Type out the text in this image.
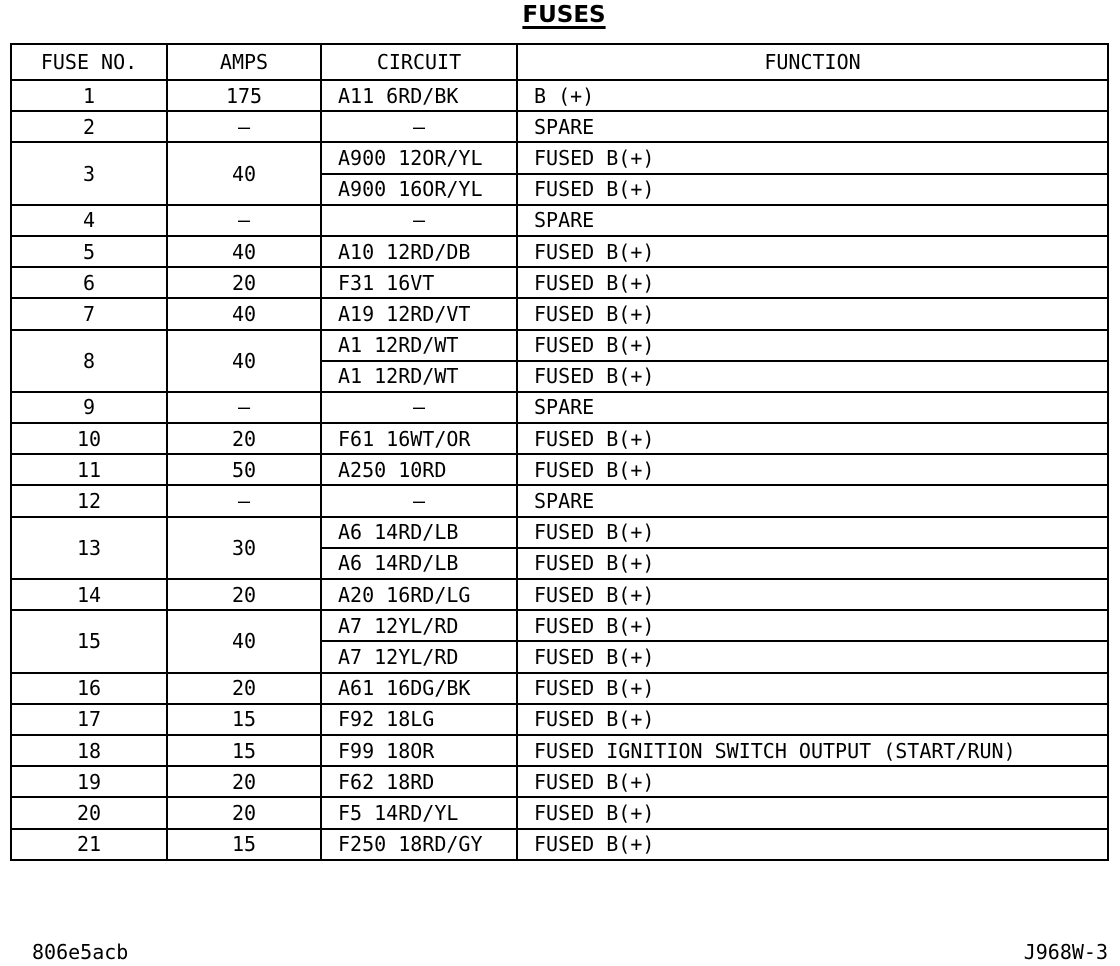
FUSES
FUSE NO.	AMPS	CIRCUIT	FUNCTION
1	175	A11 6RD/BK	B (+)
2	–	–	SPARE
3	40	A900 12OR/YL	FUSED B(+)
		A900 16OR/YL	FUSED B(+)
4	–	–	SPARE
5	40	A10 12RD/DB	FUSED B(+)
6	20	F31 16VT	FUSED B(+)
7	40	A19 12RD/VT	FUSED B(+)
8	40	A1 12RD/WT	FUSED B(+)
		A1 12RD/WT	FUSED B(+)
9	–	–	SPARE
10	20	F61 16WT/OR	FUSED B(+)
11	50	A250 10RD	FUSED B(+)
12	–	–	SPARE
13	30	A6 14RD/LB	FUSED B(+)
		A6 14RD/LB	FUSED B(+)
14	20	A20 16RD/LG	FUSED B(+)
15	40	A7 12YL/RD	FUSED B(+)
		A7 12YL/RD	FUSED B(+)
16	20	A61 16DG/BK	FUSED B(+)
17	15	F92 18LG	FUSED B(+)
18	15	F99 18OR	FUSED IGNITION SWITCH OUTPUT (START/RUN)
19	20	F62 18RD	FUSED B(+)
20	20	F5 14RD/YL	FUSED B(+)
21	15	F250 18RD/GY	FUSED B(+)
806e5acb	J968W-3
